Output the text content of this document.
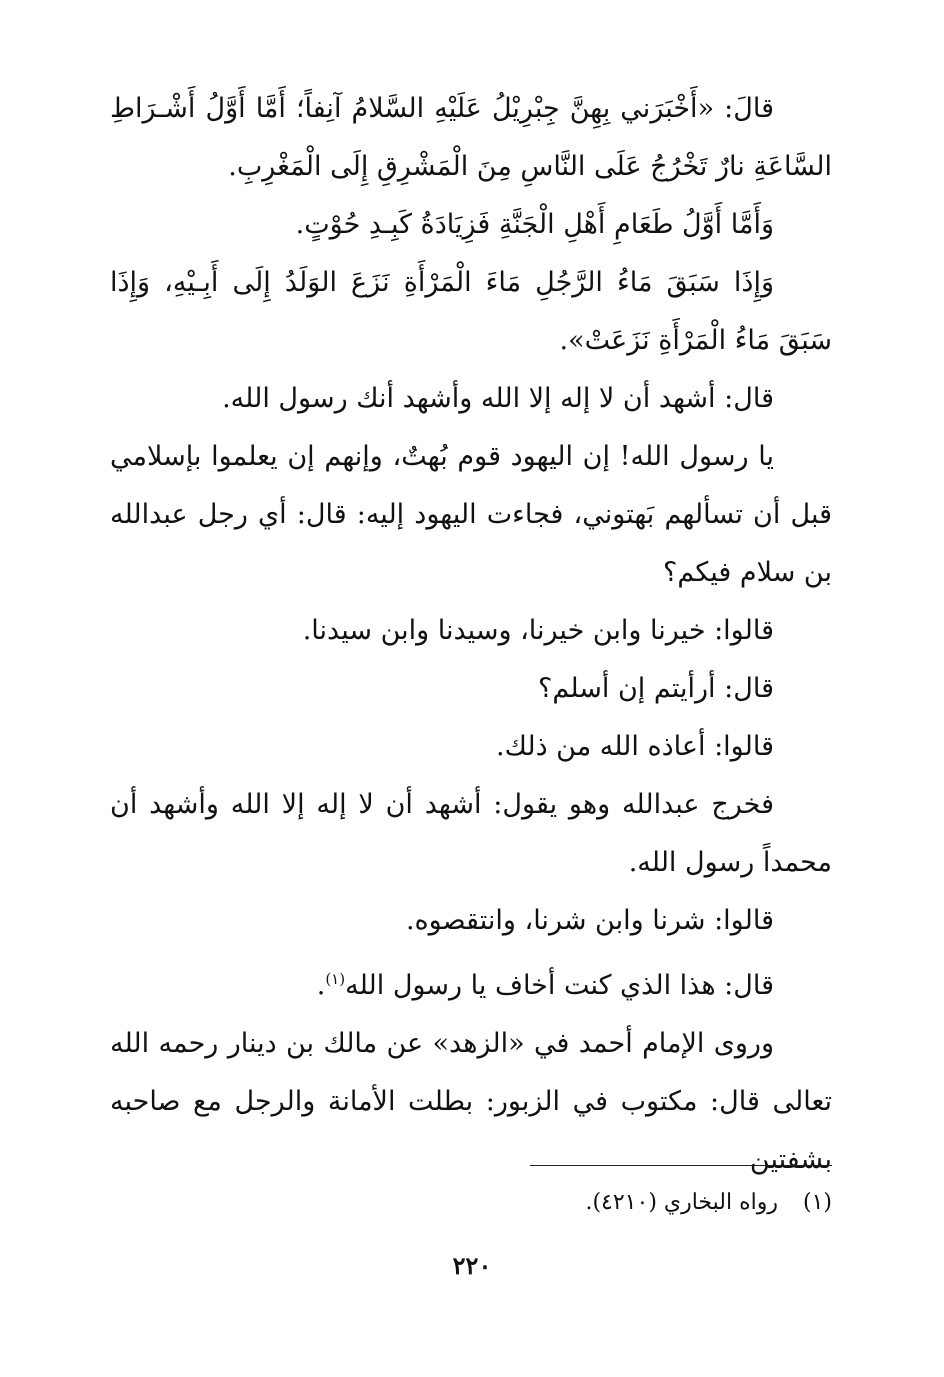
قالَ: «أَخْبَرَني بِهِنَّ جِبْرِيْلُ عَلَيْهِ السَّلامُ آنِفاً؛ أَمَّا أَوَّلُ أَشْـرَاطِ السَّاعَةِ نارٌ تَخْرُجُ عَلَى النَّاسِ مِنَ الْمَشْرِقِ إِلَى الْمَغْرِبِ.

وَأَمَّا أَوَّلُ طَعَامِ أَهْلِ الْجَنَّةِ فَزِيَادَةُ كَبِـدِ حُوْتٍ.

وَإِذَا سَبَقَ مَاءُ الرَّجُلِ مَاءَ الْمَرْأَةِ نَزَعَ الوَلَدُ إِلَى أَبِـيْهِ، وَإِذَا سَبَقَ مَاءُ الْمَرْأَةِ نَزَعَتْ».

قال: أشهد أن لا إله إلا الله وأشهد أنك رسول الله.

يا رسول الله! إن اليهود قوم بُهتٌ، وإنهم إن يعلموا بإسلامي قبل أن تسألهم بَهتوني، فجاءت اليهود إليه: قال: أي رجل عبدالله بن سلام فيكم؟

قالوا: خيرنا وابن خيرنا، وسيدنا وابن سيدنا.

قال: أرأيتم إن أسلم؟

قالوا: أعاذه الله من ذلك.

فخرج عبدالله وهو يقول: أشهد أن لا إله إلا الله وأشهد أن محمداً رسول الله.

قالوا: شرنا وابن شرنا، وانتقصوه.

قال: هذا الذي كنت أخاف يا رسول الله$^{(١)}$.

وروى الإمام أحمد في «الزهد» عن مالك بن دينار رحمه الله تعالى قال: مكتوب في الزبور: بطلت الأمانة والرجل مع صاحبه بشفتين

(١) رواه البخاري (٤٢١٠).
٢٢٠
